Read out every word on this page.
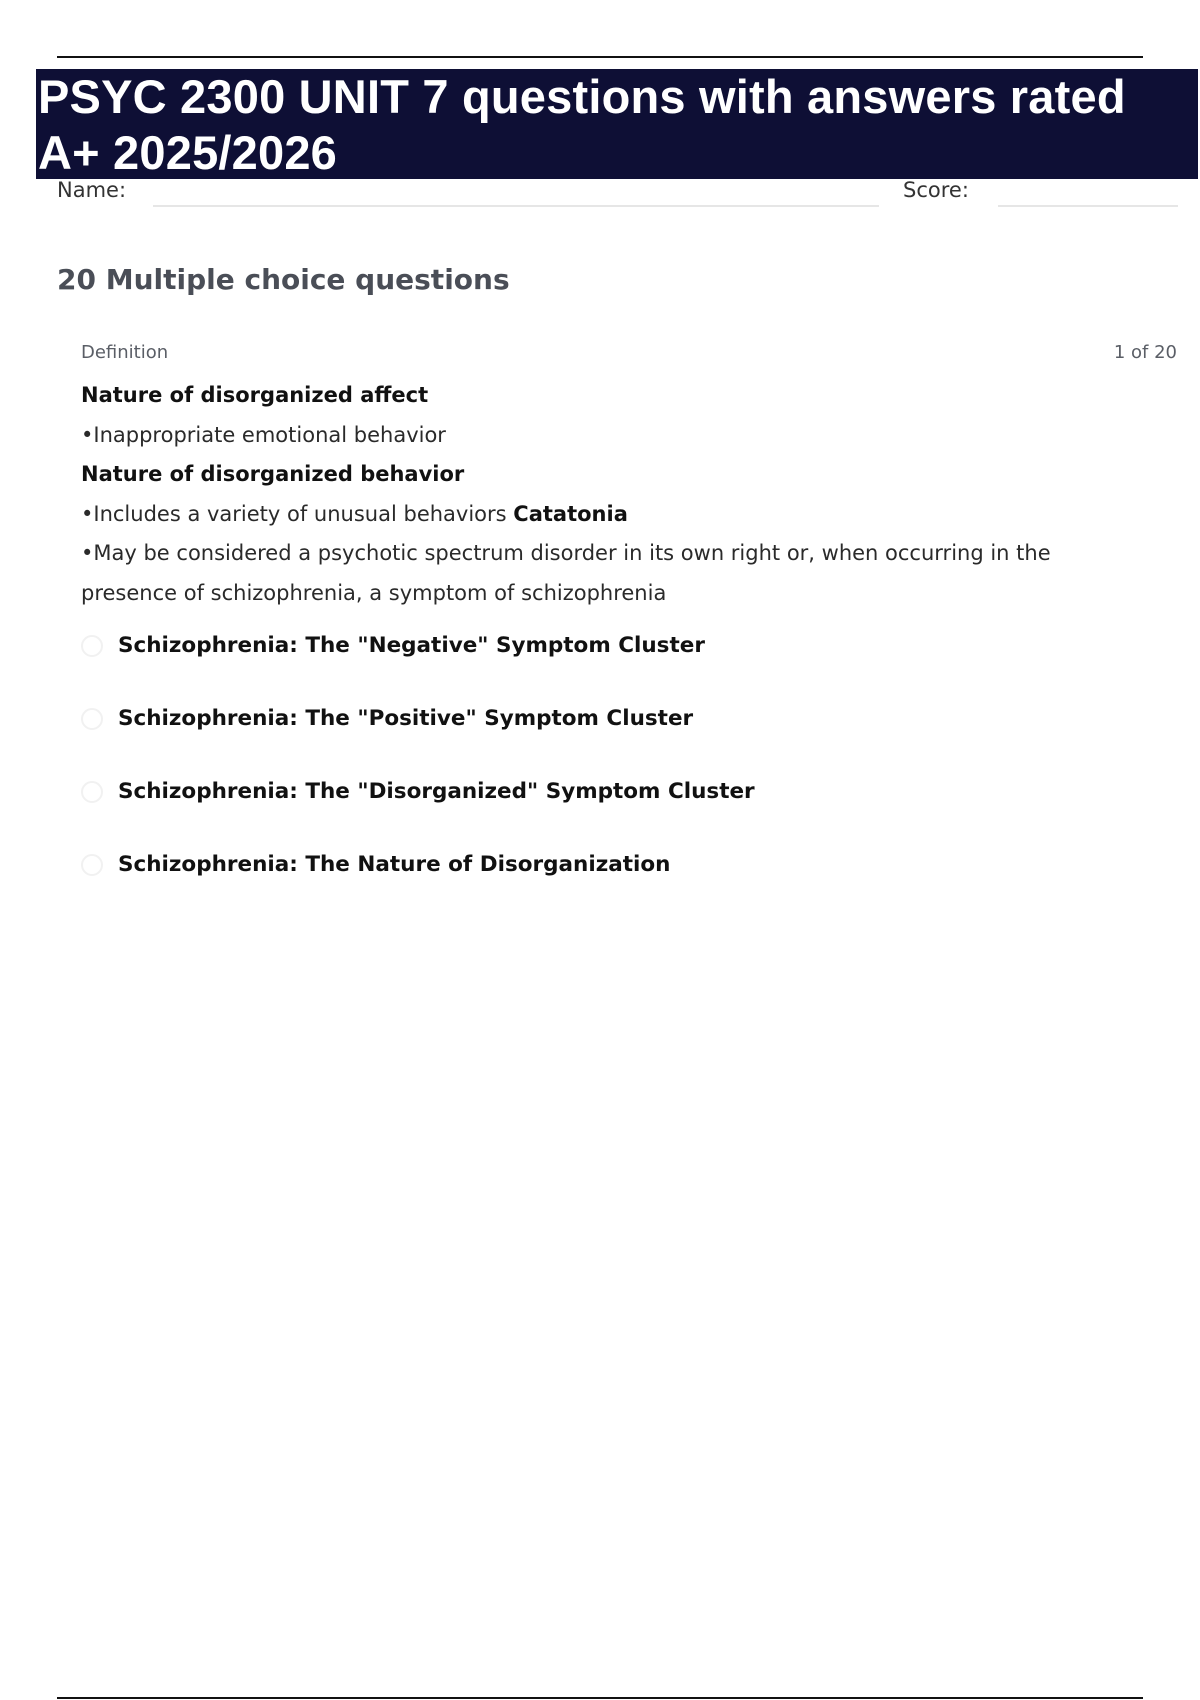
PSYC 2300 UNIT 7 questions with answers rated A+ 2025/2026
Name:	Score:
20 Multiple choice questions
Definition	1 of 20

Nature of disorganized affect

•Inappropriate emotional behavior

Nature of disorganized behavior

•Includes a variety of unusual behaviors Catatonia

•May be considered a psychotic spectrum disorder in its own right or, when occurring in the presence of schizophrenia, a symptom of schizophrenia

Schizophrenia: The "Negative" Symptom Cluster
Schizophrenia: The "Positive" Symptom Cluster
Schizophrenia: The "Disorganized" Symptom Cluster
Schizophrenia: The Nature of Disorganization
